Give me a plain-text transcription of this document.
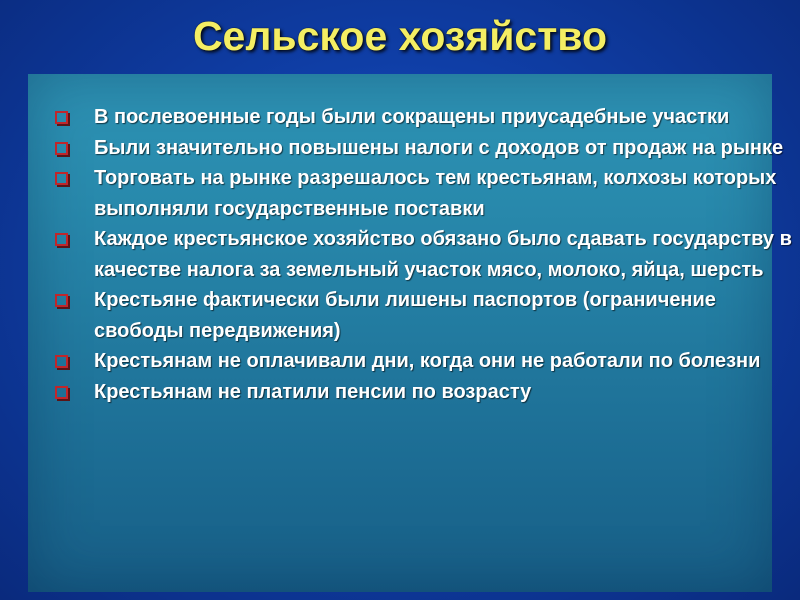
Сельское хозяйство
В послевоенные годы были сокращены приусадебные участки
Были значительно повышены налоги с доходов от продаж на рынке
Торговать на рынке разрешалось тем крестьянам, колхозы которых выполняли государственные поставки
Каждое крестьянское хозяйство обязано было сдавать государству в качестве налога за земельный участок мясо, молоко, яйца, шерсть
Крестьяне фактически были лишены паспортов (ограничение свободы передвижения)
Крестьянам не оплачивали дни, когда они не работали по болезни
Крестьянам не платили пенсии по возрасту
